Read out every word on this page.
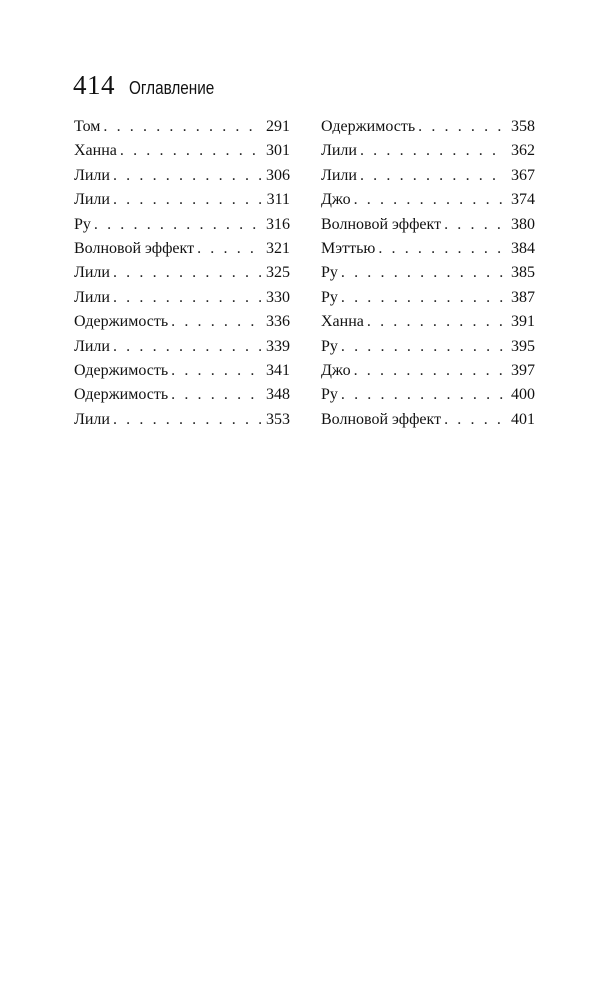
414 Оглавление
Том . . .	291
Ханна . . .	301
Лили . . .	306
Лили . . .	311
Ру . . .	316
Волновой эффект . . .	321
Лили . . .	325
Лили . . .	330
Одержимость . . .	336
Лили . . .	339
Одержимость . . .	341
Одержимость . . .	348
Лили . . .	353
Одержимость . . .	358
Лили . . .	362
Лили . . .	367
Джо . . .	374
Волновой эффект . . .	380
Мэттью . . .	384
Ру . . .	385
Ру . . .	387
Ханна . . .	391
Ру . . .	395
Джо . . .	397
Ру . . .	400
Волновой эффект . . .	401
